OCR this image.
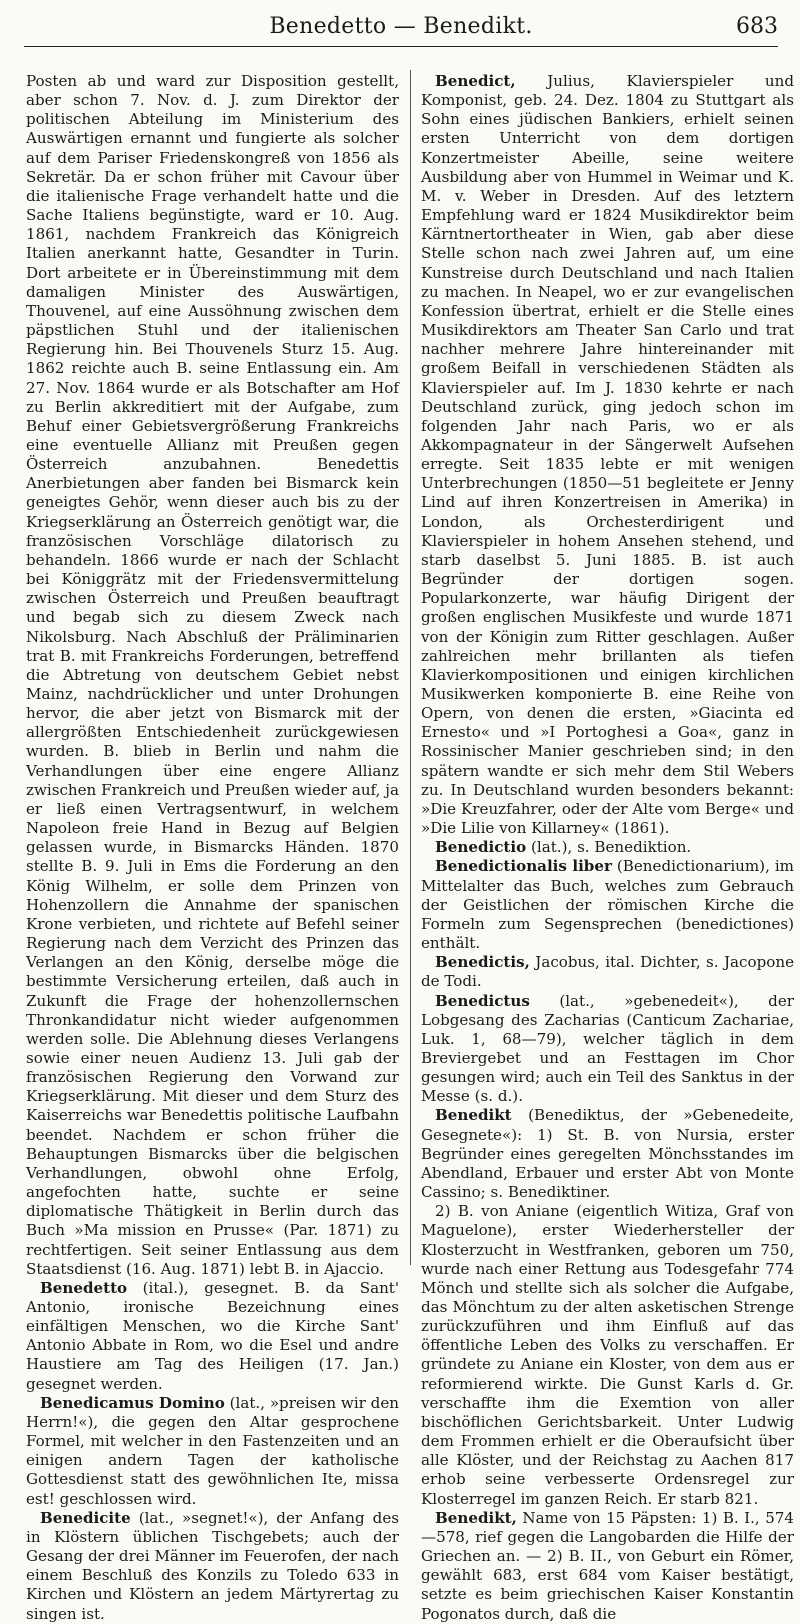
Benedetto — Benedikt.	683

Posten ab und ward zur Disposition gestellt, aber schon 7. Nov. d. J. zum Direktor der politischen Abteilung im Ministerium des Auswärtigen ernannt und fungierte als solcher auf dem Pariser Friedenskongreß von 1856 als Sekretär. Da er schon früher mit Cavour über die italienische Frage verhandelt hatte und die Sache Italiens begünstigte, ward er 10. Aug. 1861, nachdem Frankreich das Königreich Italien anerkannt hatte, Gesandter in Turin. Dort arbeitete er in Übereinstimmung mit dem damaligen Minister des Auswärtigen, Thouvenel, auf eine Aussöhnung zwischen dem päpstlichen Stuhl und der italienischen Regierung hin. Bei Thouvenels Sturz 15. Aug. 1862 reichte auch B. seine Entlassung ein. Am 27. Nov. 1864 wurde er als Botschafter am Hof zu Berlin akkreditiert mit der Aufgabe, zum Behuf einer Gebietsvergrößerung Frankreichs eine eventuelle Allianz mit Preußen gegen Österreich anzubahnen. Benedettis Anerbietungen aber fanden bei Bismarck kein geneigtes Gehör, wenn dieser auch bis zu der Kriegserklärung an Österreich genötigt war, die französischen Vorschläge dilatorisch zu behandeln. 1866 wurde er nach der Schlacht bei Königgrätz mit der Friedensvermittelung zwischen Österreich und Preußen beauftragt und begab sich zu diesem Zweck nach Nikolsburg. Nach Abschluß der Präliminarien trat B. mit Frankreichs Forderungen, betreffend die Abtretung von deutschem Gebiet nebst Mainz, nachdrücklicher und unter Drohungen hervor, die aber jetzt von Bismarck mit der allergrößten Entschiedenheit zurückgewiesen wurden. B. blieb in Berlin und nahm die Verhandlungen über eine engere Allianz zwischen Frankreich und Preußen wieder auf, ja er ließ einen Vertragsentwurf, in welchem Napoleon freie Hand in Bezug auf Belgien gelassen wurde, in Bismarcks Händen. 1870 stellte B. 9. Juli in Ems die Forderung an den König Wilhelm, er solle dem Prinzen von Hohenzollern die Annahme der spanischen Krone verbieten, und richtete auf Befehl seiner Regierung nach dem Verzicht des Prinzen das Verlangen an den König, derselbe möge die bestimmte Versicherung erteilen, daß auch in Zukunft die Frage der hohenzollernschen Thronkandidatur nicht wieder aufgenommen werden solle. Die Ablehnung dieses Verlangens sowie einer neuen Audienz 13. Juli gab der französischen Regierung den Vorwand zur Kriegserklärung. Mit dieser und dem Sturz des Kaiserreichs war Benedettis politische Laufbahn beendet. Nachdem er schon früher die Behauptungen Bismarcks über die belgischen Verhandlungen, obwohl ohne Erfolg, angefochten hatte, suchte er seine diplomatische Thätigkeit in Berlin durch das Buch »Ma mission en Prusse« (Par. 1871) zu rechtfertigen. Seit seiner Entlassung aus dem Staatsdienst (16. Aug. 1871) lebt B. in Ajaccio.

Benedetto (ital.), gesegnet. B. da Sant' Antonio, ironische Bezeichnung eines einfältigen Menschen, wo die Kirche Sant' Antonio Abbate in Rom, wo die Esel und andre Haustiere am Tag des Heiligen (17. Jan.) gesegnet werden.

Benedicamus Domino (lat., »preisen wir den Herrn!«), die gegen den Altar gesprochene Formel, mit welcher in den Fastenzeiten und an einigen andern Tagen der katholische Gottesdienst statt des gewöhnlichen Ite, missa est! geschlossen wird.

Benedicite (lat., »segnet!«), der Anfang des in Klöstern üblichen Tischgebets; auch der Gesang der drei Männer im Feuerofen, der nach einem Beschluß des Konzils zu Toledo 633 in Kirchen und Klöstern an jedem Märtyrertag zu singen ist.

Benedict, Julius, Klavierspieler und Komponist, geb. 24. Dez. 1804 zu Stuttgart als Sohn eines jüdischen Bankiers, erhielt seinen ersten Unterricht von dem dortigen Konzertmeister Abeille, seine weitere Ausbildung aber von Hummel in Weimar und K. M. v. Weber in Dresden. Auf des letztern Empfehlung ward er 1824 Musikdirektor beim Kärntnertortheater in Wien, gab aber diese Stelle schon nach zwei Jahren auf, um eine Kunstreise durch Deutschland und nach Italien zu machen. In Neapel, wo er zur evangelischen Konfession übertrat, erhielt er die Stelle eines Musikdirektors am Theater San Carlo und trat nachher mehrere Jahre hintereinander mit großem Beifall in verschiedenen Städten als Klavierspieler auf. Im J. 1830 kehrte er nach Deutschland zurück, ging jedoch schon im folgenden Jahr nach Paris, wo er als Akkompagnateur in der Sängerwelt Aufsehen erregte. Seit 1835 lebte er mit wenigen Unterbrechungen (1850—51 begleitete er Jenny Lind auf ihren Konzertreisen in Amerika) in London, als Orchesterdirigent und Klavierspieler in hohem Ansehen stehend, und starb daselbst 5. Juni 1885. B. ist auch Begründer der dortigen sogen. Popularkonzerte, war häufig Dirigent der großen englischen Musikfeste und wurde 1871 von der Königin zum Ritter geschlagen. Außer zahlreichen mehr brillanten als tiefen Klavierkompositionen und einigen kirchlichen Musikwerken komponierte B. eine Reihe von Opern, von denen die ersten, »Giacinta ed Ernesto« und »I Portoghesi a Goa«, ganz in Rossinischer Manier geschrieben sind; in den spätern wandte er sich mehr dem Stil Webers zu. In Deutschland wurden besonders bekannt: »Die Kreuzfahrer, oder der Alte vom Berge« und »Die Lilie von Killarney« (1861).

Benedictio (lat.), s. Benediktion.

Benedictionalis liber (Benedictionarium), im Mittelalter das Buch, welches zum Gebrauch der Geistlichen der römischen Kirche die Formeln zum Segensprechen (benedictiones) enthält.

Benedictis, Jacobus, ital. Dichter, s. Jacopone de Todi.

Benedictus (lat., »gebenedeit«), der Lobgesang des Zacharias (Canticum Zachariae, Luk. 1, 68—79), welcher täglich in dem Breviergebet und an Festtagen im Chor gesungen wird; auch ein Teil des Sanktus in der Messe (s. d.).

Benedikt (Benediktus, der »Gebenedeite, Gesegnete«): 1) St. B. von Nursia, erster Begründer eines geregelten Mönchsstandes im Abendland, Erbauer und erster Abt von Monte Cassino; s. Benediktiner.

2) B. von Aniane (eigentlich Witiza, Graf von Maguelone), erster Wiederhersteller der Klosterzucht in Westfranken, geboren um 750, wurde nach einer Rettung aus Todesgefahr 774 Mönch und stellte sich als solcher die Aufgabe, das Mönchtum zu der alten asketischen Strenge zurückzuführen und ihm Einfluß auf das öffentliche Leben des Volks zu verschaffen. Er gründete zu Aniane ein Kloster, von dem aus er reformierend wirkte. Die Gunst Karls d. Gr. verschaffte ihm die Exemtion von aller bischöflichen Gerichtsbarkeit. Unter Ludwig dem Frommen erhielt er die Oberaufsicht über alle Klöster, und der Reichstag zu Aachen 817 erhob seine verbesserte Ordensregel zur Klosterregel im ganzen Reich. Er starb 821.

Benedikt, Name von 15 Päpsten: 1) B. I., 574—578, rief gegen die Langobarden die Hilfe der Griechen an. — 2) B. II., von Geburt ein Römer, gewählt 683, erst 684 vom Kaiser bestätigt, setzte es beim griechischen Kaiser Konstantin Pogonatos durch, daß die
